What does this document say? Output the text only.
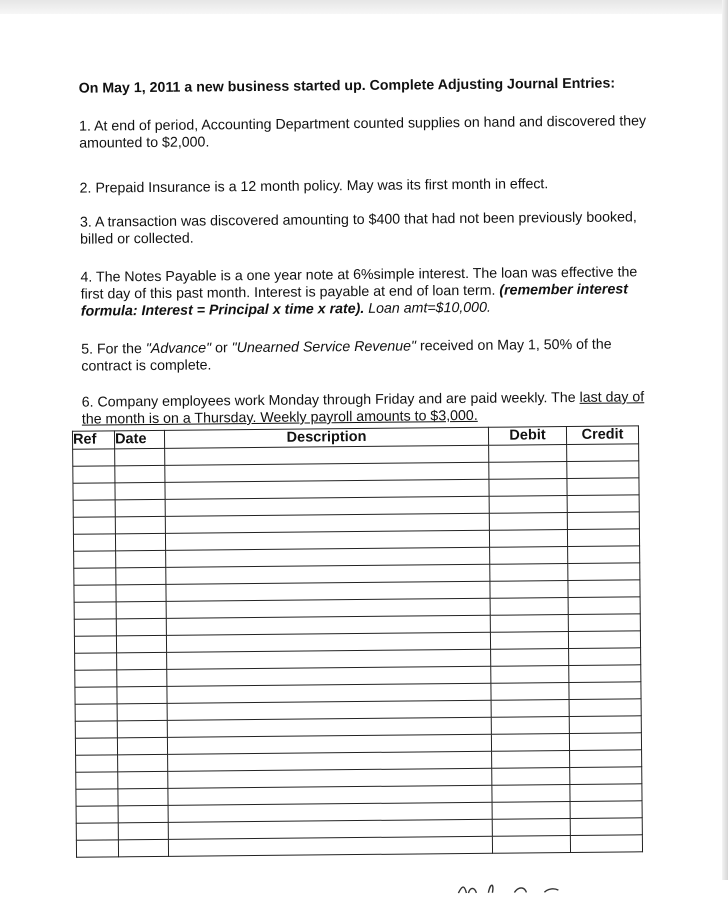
On May 1, 2011 a new business started up. Complete Adjusting Journal Entries:
1. At end of period, Accounting Department counted supplies on hand and discovered they amounted to $2,000.
2. Prepaid Insurance is a 12 month policy. May was its first month in effect.
3. A transaction was discovered amounting to $400 that had not been previously booked, billed or collected.
4. The Notes Payable is a one year note at 6%simple interest. The loan was effective the first day of this past month. Interest is payable at end of loan term. (remember interest formula: Interest = Principal x time x rate). Loan amt=$10,000.
5. For the "Advance" or "Unearned Service Revenue" received on May 1, 50% of the contract is complete.
6. Company employees work Monday through Friday and are paid weekly. The last day of the month is on a Thursday. Weekly payroll amounts to $3,000.
Ref	Date	Description	Debit	Credit
